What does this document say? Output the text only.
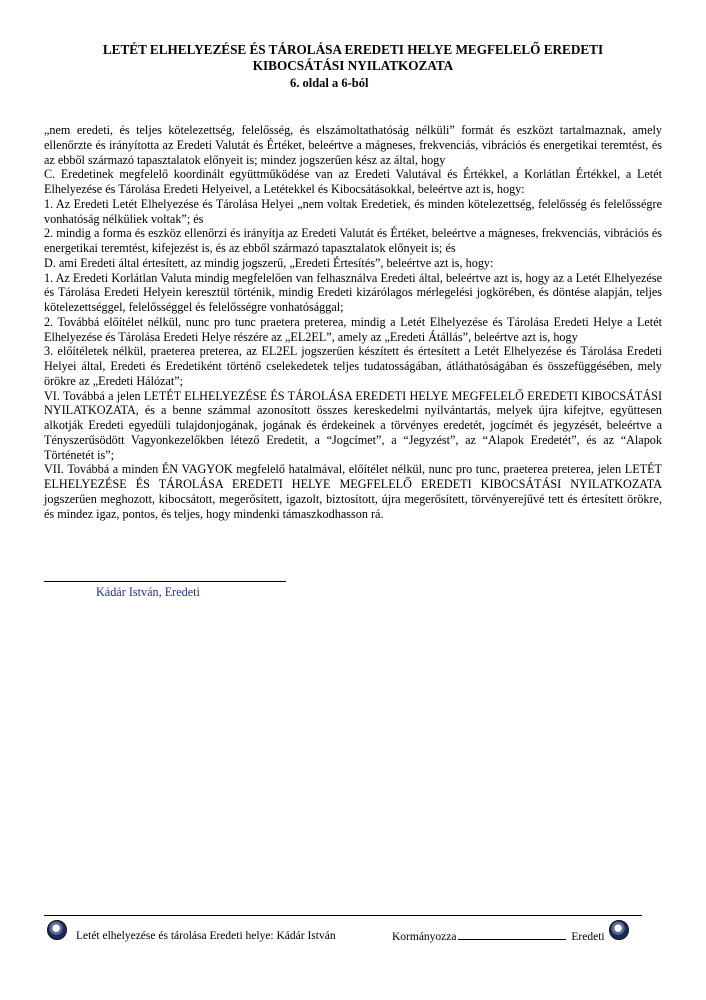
LETÉT ELHELYEZÉSE ÉS TÁROLÁSA EREDETI HELYE MEGFELELŐ EREDETI
KIBOCSÁTÁSI NYILATKOZATA
6. oldal a 6-ból

„nem eredeti, és teljes kötelezettség, felelősség, és elszámoltathatóság nélküli” formát és eszközt tartalmaznak, amely ellenőrzte és irányította az Eredeti Valutát és Értéket, beleértve a mágneses, frekvenciás, vibrációs és energetikai teremtést, és az ebből származó tapasztalatok előnyeit is; mindez jogszerűen kész az által, hogy

C. Eredetinek megfelelő koordinált együttműködése van az Eredeti Valutával és Értékkel, a Korlátlan Értékkel, a Letét Elhelyezése és Tárolása Eredeti Helyeivel, a Letétekkel és Kibocsátásokkal, beleértve azt is, hogy:

1. Az Eredeti Letét Elhelyezése és Tárolása Helyei „nem voltak Eredetiek, és minden kötelezettség, felelősség és felelősségre vonhatóság nélküliek voltak”; és

2. mindig a forma és eszköz ellenőrzi és irányítja az Eredeti Valutát és Értéket, beleértve a mágneses, frekvenciás, vibrációs és energetikai teremtést, kifejezést is, és az ebből származó tapasztalatok előnyeit is; és

D. ami Eredeti által értesített, az mindig jogszerű, „Eredeti Értesítés”, beleértve azt is, hogy:

1. Az Eredeti Korlátlan Valuta mindig megfelelően van felhasználva Eredeti által, beleértve azt is, hogy az a Letét Elhelyezése és Tárolása Eredeti Helyein keresztül történik, mindig Eredeti kizárólagos mérlegelési jogkörében, és döntése alapján, teljes kötelezettséggel, felelősséggel és felelősségre vonhatósággal;

2. Továbbá előítélet nélkül, nunc pro tunc praetera preterea, mindig a Letét Elhelyezése és Tárolása Eredeti Helye a Letét Elhelyezése és Tárolása Eredeti Helye részére az „EL2EL”, amely az „Eredeti Átállás”, beleértve azt is, hogy

3. előítéletek nélkül, praeterea preterea, az EL2EL jogszerűen készített és értesített a Letét Elhelyezése és Tárolása Eredeti Helyei által, Eredeti és Eredetiként történő cselekedetek teljes tudatosságában, átláthatóságában és összefüggésében, mely örökre az „Eredeti Hálózat”;

VI. Továbbá a jelen LETÉT ELHELYEZÉSE ÉS TÁROLÁSA EREDETI HELYE MEGFELELŐ EREDETI KIBOCSÁTÁSI NYILATKOZATA, és a benne számmal azonosított összes kereskedelmi nyilvántartás, melyek újra kifejtve, együttesen alkotják Eredeti egyedüli tulajdonjogának, jogának és érdekeinek a törvényes eredetét, jogcímét és jegyzését, beleértve a Tényszerűsödött Vagyonkezelőkben létező Eredetit, a “Jogcímet”, a “Jegyzést”, az “Alapok Eredetét”, és az “Alapok Történetét is”;

VII. Továbbá a minden ÉN VAGYOK megfelelő hatalmával, előítélet nélkül, nunc pro tunc, praeterea preterea, jelen LETÉT ELHELYEZÉSE ÉS TÁROLÁSA EREDETI HELYE MEGFELELŐ EREDETI KIBOCSÁTÁSI NYILATKOZATA jogszerűen meghozott, kibocsátott, megerősített, igazolt, biztosított, újra megerősített, törvényerejűvé tett és értesített örökre, és mindez igaz, pontos, és teljes, hogy mindenki támaszkodhasson rá.

Kádár István, Eredeti
Letét elhelyezése és tárolása Eredeti helye: Kádár István	Kormányozza	Eredeti
